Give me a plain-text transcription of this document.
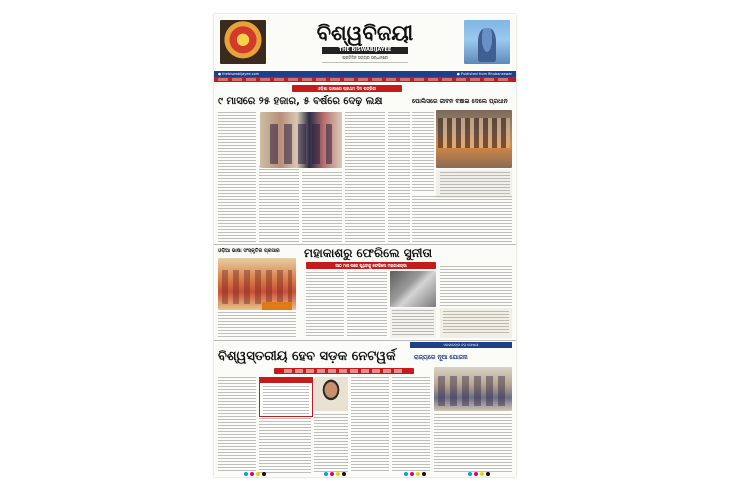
ବିଶ୍ୱବିଜୟୀ
THE BISWABIJAYEE
ପ୍ରତିଦିନ ସତ୍ୟର ସନ୍ଧାନରେ
● thebiswabijayee.com	● Published from Bhubaneswar
ଓଡ଼ିଶା ଭାଷାରେ ପ୍ରଥମ ଦିନ ପତ୍ରିକା
୯ ମାସରେ ୨୫ ହଜାର, ୫ ବର୍ଷରେ ଦେଢ଼ ଲକ୍ଷ	ପୋଲିସରେ ଜୀବନ ବଞ୍ଚାଇ ଦେଲେ ପ୍ରଧାନ
ଓଡ଼ିଆ ଭାଷା ସଂସ୍କୃତିର ପ୍ରସାର	ମହାକାଶରୁ ଫେରିଲେ ସୁନୀତା
ଆଠ ମାସ ପରେ ପୃଥିବୀକୁ ଫେରିଲେ ମହାକାଶଚାରୀ
ସରକାରଙ୍କ ବଡ଼ ଘୋଷଣା
ବିଶ୍ୱସ୍ତରୀୟ ହେବ ସଡ଼କ ନେଟୱର୍କ	ରାଜ୍ୟରେ ନୂଆ ଯୋଜନା
